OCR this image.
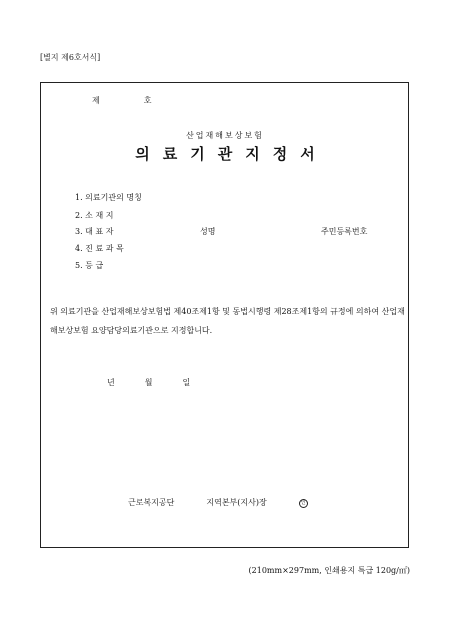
[별지 제6호서식]
제	호
산업재해보상보험
의료기관지정서
1. 의료기관의 명칭
2. 소 재 지
3. 대 표 자	성명	주민등록번호
4. 진 료 과 목
5. 등 급
위 의료기관을 산업재해보상보험법 제40조제1항 및 동법시행령 제28조제1항의 규정에 의하여 산업재해보상보험 요양담당의료기관으로 지정합니다.
년	월	일
근로복지공단	지역본부(지사)장	인
(210mm×297mm, 인쇄용지 특급 120g/㎡)
